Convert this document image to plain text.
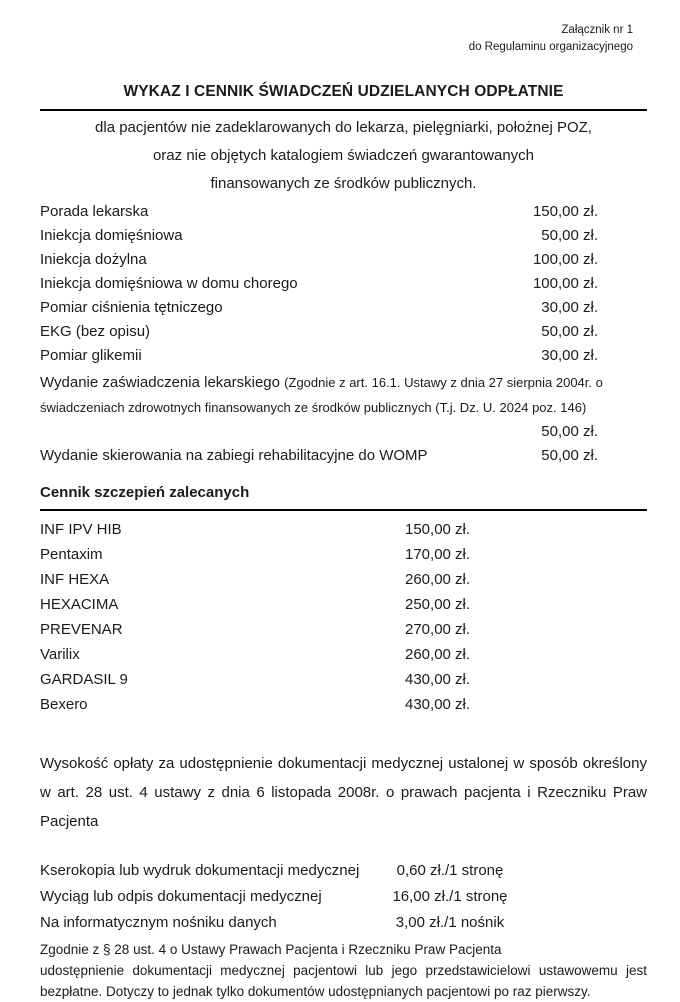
Załącznik nr 1
do Regulaminu organizacyjnego
WYKAZ I CENNIK ŚWIADCZEŃ UDZIELANYCH ODPŁATNIE
dla pacjentów nie zadeklarowanych do lekarza, pielęgniarki, położnej POZ,
oraz nie objętych katalogiem świadczeń gwarantowanych
finansowanych ze środków publicznych.
Porada lekarska	150,00 zł.
Iniekcja domięśniowa	50,00 zł.
Iniekcja dożylna	100,00 zł.
Iniekcja domięśniowa w domu chorego	100,00 zł.
Pomiar ciśnienia tętniczego	30,00 zł.
EKG (bez opisu)	50,00 zł.
Pomiar glikemii	30,00 zł.
Wydanie zaświadczenia lekarskiego (Zgodnie z art. 16.1. Ustawy z dnia 27 sierpnia 2004r. o świadczeniach zdrowotnych finansowanych ze środków publicznych (T.j. Dz. U. 2024 poz. 146)
50,00 zł.
Wydanie skierowania na zabiegi rehabilitacyjne do WOMP	50,00 zł.
Cennik szczepień zalecanych
INF IPV HIB	150,00 zł.
Pentaxim	170,00 zł.
INF HEXA	260,00 zł.
HEXACIMA	250,00 zł.
PREVENAR	270,00 zł.
Varilix	260,00 zł.
GARDASIL 9	430,00 zł.
Bexero	430,00 zł.
Wysokość opłaty za udostępnienie dokumentacji medycznej ustalonej w sposób określony w art. 28 ust. 4 ustawy z dnia 6 listopada 2008r. o prawach pacjenta i Rzeczniku Praw Pacjenta
Kserokopia lub wydruk dokumentacji medycznej	0,60 zł./1 stronę
Wyciąg lub odpis dokumentacji medycznej	16,00 zł./1 stronę
Na informatycznym nośniku danych	3,00 zł./1 nośnik
Zgodnie z § 28 ust. 4 o Ustawy Prawach Pacjenta i Rzeczniku Praw Pacjenta
udostępnienie dokumentacji medycznej pacjentowi lub jego przedstawicielowi ustawowemu jest bezpłatne. Dotyczy to jednak tylko dokumentów udostępnianych pacjentowi po raz pierwszy.
